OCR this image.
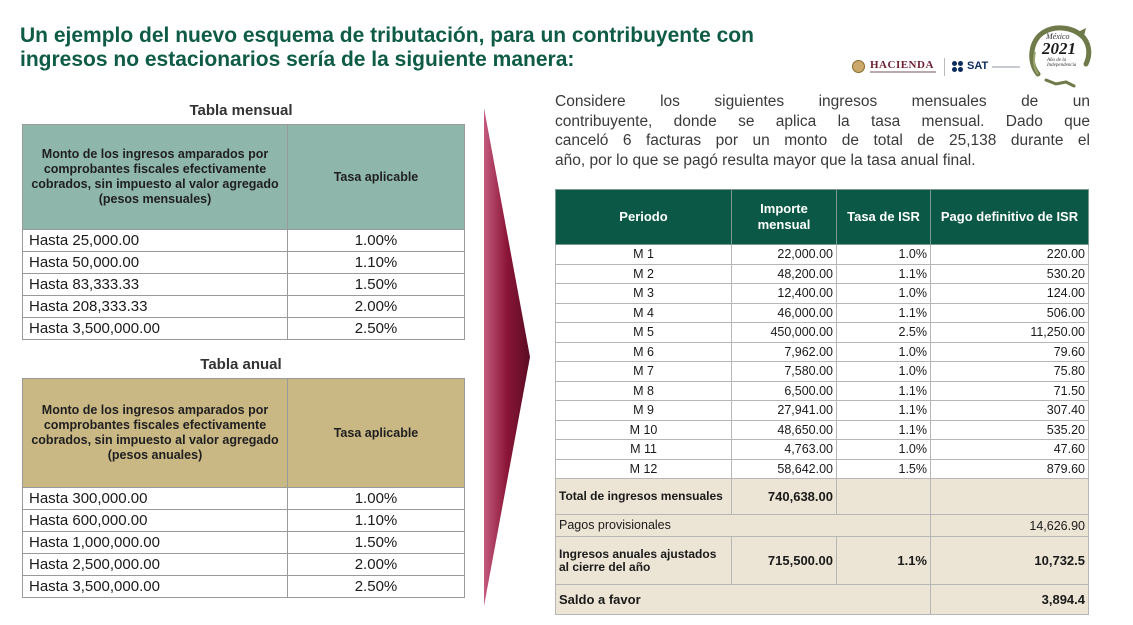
Un ejemplo del nuevo esquema de tributación, para un contribuyente con
ingresos no estacionarios sería de la siguiente manera:	HACIENDA	SAT
México
2021
Año de la Independencia
Tabla mensual
Monto de los ingresos amparados por comprobantes fiscales efectivamente cobrados, sin impuesto al valor agregado (pesos mensuales)	Tasa aplicable
Hasta 25,000.00	1.00%
Hasta 50,000.00	1.10%
Hasta 83,333.33	1.50%
Hasta 208,333.33	2.00%
Hasta 3,500,000.00	2.50%
Tabla anual
Monto de los ingresos amparados por comprobantes fiscales efectivamente cobrados, sin impuesto al valor agregado (pesos anuales)	Tasa aplicable
Hasta 300,000.00	1.00%
Hasta 600,000.00	1.10%
Hasta 1,000,000.00	1.50%
Hasta 2,500,000.00	2.00%
Hasta 3,500,000.00	2.50%

Considere los siguientes ingresos mensuales de un
contribuyente, donde se aplica la tasa mensual. Dado que
canceló 6 facturas por un monto de total de 25,138 durante el
año, por lo que se pagó resulta mayor que la tasa anual final.

Periodo	Importe mensual	Tasa de ISR	Pago definitivo de ISR
M 1	22,000.00	1.0%	220.00
M 2	48,200.00	1.1%	530.20
M 3	12,400.00	1.0%	124.00
M 4	46,000.00	1.1%	506.00
M 5	450,000.00	2.5%	11,250.00
M 6	7,962.00	1.0%	79.60
M 7	7,580.00	1.0%	75.80
M 8	6,500.00	1.1%	71.50
M 9	27,941.00	1.1%	307.40
M 10	48,650.00	1.1%	535.20
M 11	4,763.00	1.0%	47.60
M 12	58,642.00	1.5%	879.60
Total de ingresos mensuales	740,638.00		
Pagos provisionales			14,626.90
Ingresos anuales ajustados al cierre del año	715,500.00	1.1%	10,732.5
Saldo a favor			3,894.4
